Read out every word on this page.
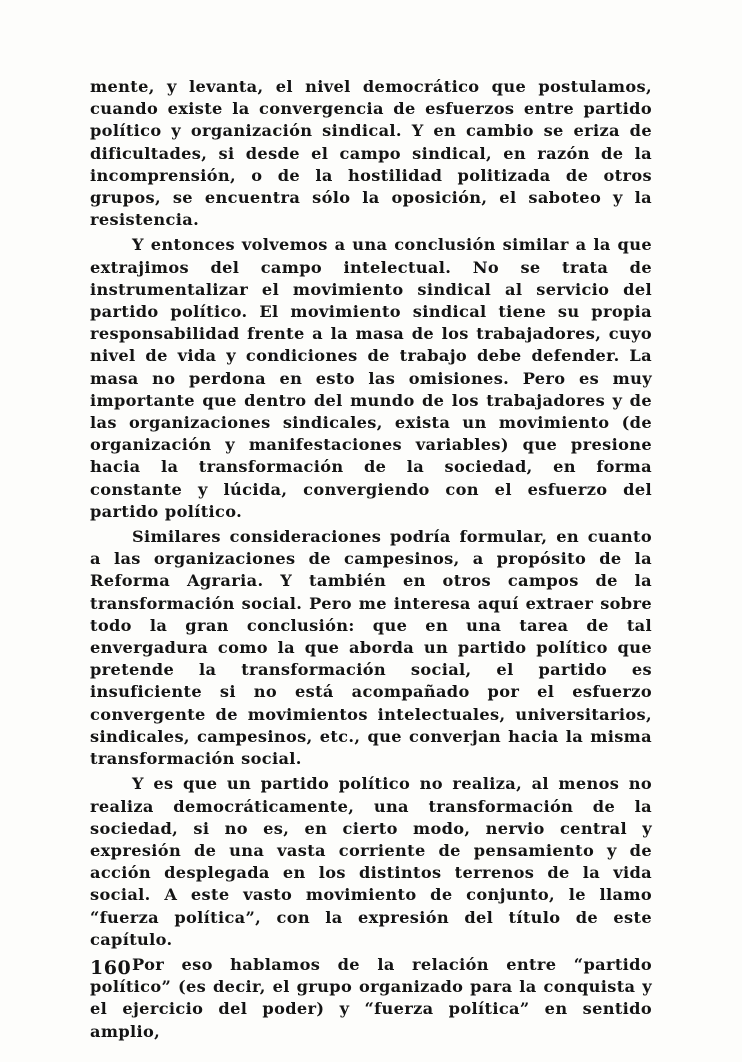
mente, y levanta, el nivel democrático que postulamos, cuando existe la convergencia de esfuerzos entre partido político y organización sindical. Y en cambio se eriza de dificultades, si desde el campo sindical, en razón de la incomprensión, o de la hostilidad politizada de otros grupos, se encuentra sólo la oposición, el saboteo y la resistencia.

Y entonces volvemos a una conclusión similar a la que extrajimos del campo intelectual. No se trata de instrumentalizar el movimiento sindical al servicio del partido político. El movimiento sindical tiene su propia responsabilidad frente a la masa de los trabajadores, cuyo nivel de vida y condiciones de trabajo debe defender. La masa no perdona en esto las omisiones. Pero es muy importante que dentro del mundo de los trabajadores y de las organizaciones sindicales, exista un movimiento (de organización y manifestaciones variables) que presione hacia la transformación de la sociedad, en forma constante y lúcida, convergiendo con el esfuerzo del partido político.

Similares consideraciones podría formular, en cuanto a las organizaciones de campesinos, a propósito de la Reforma Agraria. Y también en otros campos de la transformación social. Pero me interesa aquí extraer sobre todo la gran conclusión: que en una tarea de tal envergadura como la que aborda un partido político que pretende la transformación social, el partido es insuficiente si no está acompañado por el esfuerzo convergente de movimientos intelectuales, universitarios, sindicales, campesinos, etc., que converjan hacia la misma transformación social.

Y es que un partido político no realiza, al menos no realiza democráticamente, una transformación de la sociedad, si no es, en cierto modo, nervio central y expresión de una vasta corriente de pensamiento y de acción desplegada en los distintos terrenos de la vida social. A este vasto movimiento de conjunto, le llamo “fuerza política”, con la expresión del título de este capítulo.

Por eso hablamos de la relación entre “partido político” (es decir, el grupo organizado para la conquista y el ejercicio del poder) y “fuerza política” en sentido amplio,

160
